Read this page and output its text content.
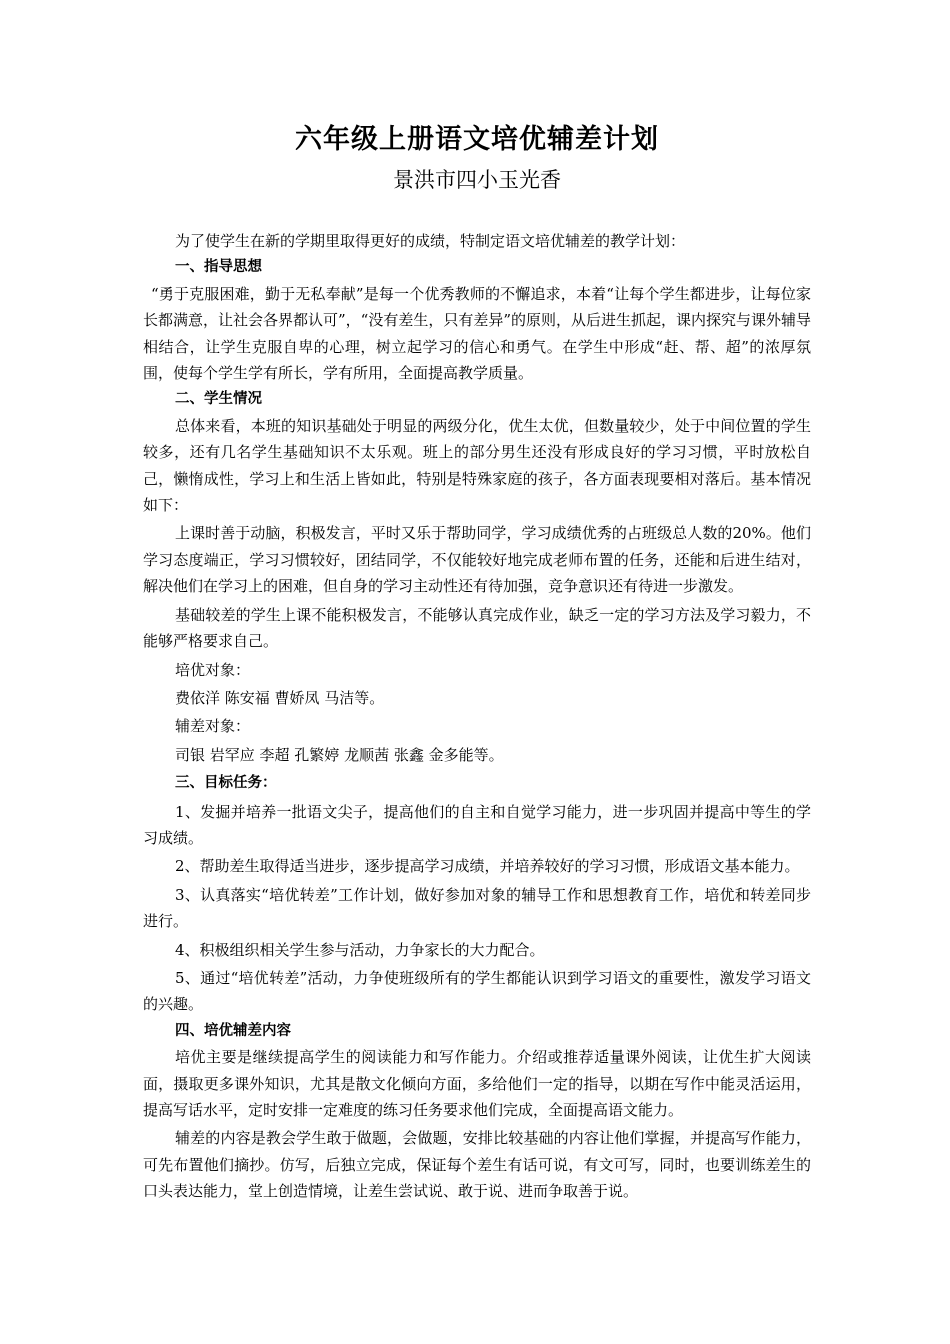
六年级上册语文培优辅差计划
景洪市四小玉光香

为了使学生在新的学期里取得更好的成绩，特制定语文培优辅差的教学计划：

一、指导思想

“勇于克服困难，勤于无私奉献”是每一个优秀教师的不懈追求，本着“让每个学生都进步，让每位家长都满意，让社会各界都认可”，“没有差生，只有差异”的原则，从后进生抓起，课内探究与课外辅导相结合，让学生克服自卑的心理，树立起学习的信心和勇气。在学生中形成“赶、帮、超”的浓厚氛围，使每个学生学有所长，学有所用，全面提高教学质量。

二、学生情况

总体来看，本班的知识基础处于明显的两级分化，优生太优，但数量较少，处于中间位置的学生较多，还有几名学生基础知识不太乐观。班上的部分男生还没有形成良好的学习习惯，平时放松自己，懒惰成性，学习上和生活上皆如此，特别是特殊家庭的孩子，各方面表现要相对落后。基本情况如下：

上课时善于动脑，积极发言，平时又乐于帮助同学，学习成绩优秀的占班级总人数的20%。他们学习态度端正，学习习惯较好，团结同学，不仅能较好地完成老师布置的任务，还能和后进生结对，解决他们在学习上的困难，但自身的学习主动性还有待加强，竞争意识还有待进一步激发。

基础较差的学生上课不能积极发言，不能够认真完成作业，缺乏一定的学习方法及学习毅力，不能够严格要求自己。

培优对象：

费依洋 陈安福 曹娇凤 马洁等。

辅差对象：

司银 岩罕应 李超 孔繁婷 龙顺茜 张鑫 金多能等。

三、目标任务：

1、发掘并培养一批语文尖子，提高他们的自主和自觉学习能力，进一步巩固并提高中等生的学习成绩。

2、帮助差生取得适当进步，逐步提高学习成绩，并培养较好的学习习惯，形成语文基本能力。

3、认真落实“培优转差”工作计划，做好参加对象的辅导工作和思想教育工作，培优和转差同步进行。

4、积极组织相关学生参与活动，力争家长的大力配合。

5、通过“培优转差”活动，力争使班级所有的学生都能认识到学习语文的重要性，激发学习语文的兴趣。

四、培优辅差内容

培优主要是继续提高学生的阅读能力和写作能力。介绍或推荐适量课外阅读，让优生扩大阅读面，摄取更多课外知识，尤其是散文化倾向方面，多给他们一定的指导，以期在写作中能灵活运用，提高写话水平，定时安排一定难度的练习任务要求他们完成，全面提高语文能力。

辅差的内容是教会学生敢于做题，会做题，安排比较基础的内容让他们掌握，并提高写作能力，可先布置他们摘抄。仿写，后独立完成，保证每个差生有话可说，有文可写，同时，也要训练差生的口头表达能力，堂上创造情境，让差生尝试说、敢于说、进而争取善于说。
